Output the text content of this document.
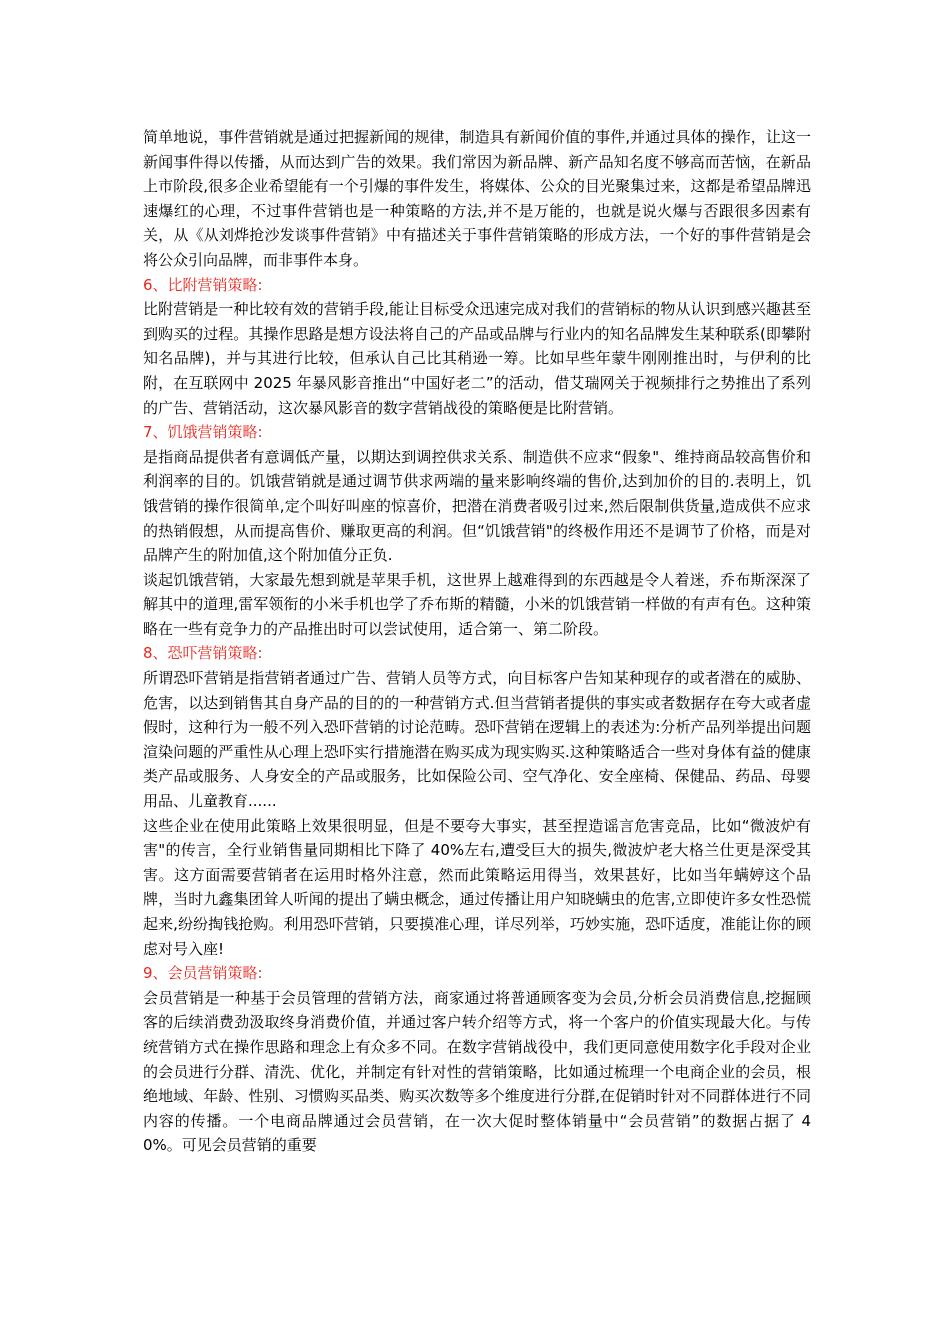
简单地说，事件营销就是通过把握新闻的规律，制造具有新闻价值的事件,并通过具体的操作，让这一新闻事件得以传播，从而达到广告的效果。我们常因为新品牌、新产品知名度不够高而苦恼，在新品上市阶段,很多企业希望能有一个引爆的事件发生，将媒体、公众的目光聚集过来，这都是希望品牌迅速爆红的心理，不过事件营销也是一种策略的方法,并不是万能的，也就是说火爆与否跟很多因素有关，从《从刘烨抢沙发谈事件营销》中有描述关于事件营销策略的形成方法，一个好的事件营销是会将公众引向品牌，而非事件本身。

6、比附营销策略:

比附营销是一种比较有效的营销手段,能让目标受众迅速完成对我们的营销标的物从认识到感兴趣甚至到购买的过程。其操作思路是想方设法将自己的产品或品牌与行业内的知名品牌发生某种联系(即攀附知名品牌)，并与其进行比较，但承认自己比其稍逊一筹。比如早些年蒙牛刚刚推出时，与伊利的比附，在互联网中 2025 年暴风影音推出“中国好老二”的活动，借艾瑞网关于视频排行之势推出了系列的广告、营销活动，这次暴风影音的数字营销战役的策略便是比附营销。

7、饥饿营销策略:

是指商品提供者有意调低产量，以期达到调控供求关系、制造供不应求“假象"、维持商品较高售价和利润率的目的。饥饿营销就是通过调节供求两端的量来影响终端的售价,达到加价的目的.表明上，饥饿营销的操作很简单,定个叫好叫座的惊喜价，把潜在消费者吸引过来,然后限制供货量,造成供不应求的热销假想，从而提高售价、赚取更高的利润。但“饥饿营销"的终极作用还不是调节了价格，而是对品牌产生的附加值,这个附加值分正负.

谈起饥饿营销，大家最先想到就是苹果手机，这世界上越难得到的东西越是令人着迷，乔布斯深深了解其中的道理,雷军领衔的小米手机也学了乔布斯的精髓，小米的饥饿营销一样做的有声有色。这种策略在一些有竞争力的产品推出时可以尝试使用，适合第一、第二阶段。

8、恐吓营销策略:

所谓恐吓营销是指营销者通过广告、营销人员等方式，向目标客户告知某种现存的或者潜在的威胁、危害，以达到销售其自身产品的目的的一种营销方式.但当营销者提供的事实或者数据存在夸大或者虚假时，这种行为一般不列入恐吓营销的讨论范畴。恐吓营销在逻辑上的表述为:分析产品列举提出问题渲染问题的严重性从心理上恐吓实行措施潜在购买成为现实购买.这种策略适合一些对身体有益的健康类产品或服务、人身安全的产品或服务，比如保险公司、空气净化、安全座椅、保健品、药品、母婴用品、儿童教育......

这些企业在使用此策略上效果很明显，但是不要夸大事实，甚至捏造谣言危害竞品，比如“微波炉有害"的传言，全行业销售量同期相比下降了 40%左右,遭受巨大的损失,微波炉老大格兰仕更是深受其害。这方面需要营销者在运用时格外注意，然而此策略运用得当，效果甚好，比如当年螨婷这个品牌，当时九鑫集团耸人听闻的提出了螨虫概念，通过传播让用户知晓螨虫的危害,立即使许多女性恐慌起来,纷纷掏钱抢购。利用恐吓营销，只要摸准心理，详尽列举，巧妙实施，恐吓适度，准能让你的顾虑对号入座!

9、会员营销策略:

会员营销是一种基于会员管理的营销方法，商家通过将普通顾客变为会员,分析会员消费信息,挖掘顾客的后续消费劲汲取终身消费价值，并通过客户转介绍等方式，将一个客户的价值实现最大化。与传统营销方式在操作思路和理念上有众多不同。在数字营销战役中，我们更同意使用数字化手段对企业的会员进行分群、清洗、优化，并制定有针对性的营销策略，比如通过梳理一个电商企业的会员，根绝地域、年龄、性别、习惯购买品类、购买次数等多个维度进行分群,在促销时针对不同群体进行不同内容的传播。一个电商品牌通过会员营销，在一次大促时整体销量中“会员营销”的数据占据了 40%。可见会员营销的重要
